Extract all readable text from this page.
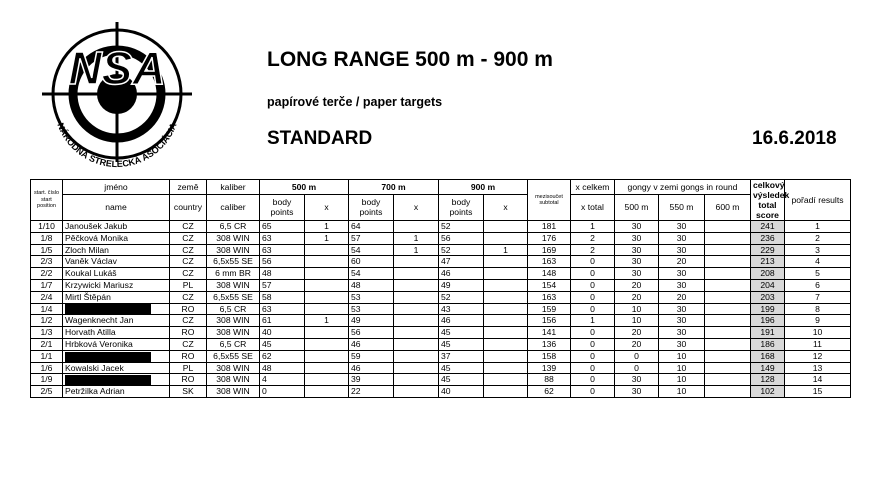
NSA
NÁRODNÁ STRELECKÁ ASOCIÁCIA
LONG RANGE 500 m - 900 m
papírové terče / paper targets
STANDARD	16.6.2018
start. číslo start position	jméno	země	kaliber	500 m		700 m		900 m		mezisoučet subtotal	x celkem	gongy v zemi gongs in round			celkový výsledek total score	pořadí results
	name	country	caliber	body points	x	body points	x	body points	x		x total	500 m	550 m	600 m		
1/10	Janoušek Jakub	CZ	6,5 CR	65	1	64		52		181	1	30	30		241	1
1/8	Pěčková Monika	CZ	308 WIN	63	1	57	1	56		176	2	30	30		236	2
1/5	Zloch Milan	CZ	308 WIN	63		54	1	52	1	169	2	30	30		229	3
2/3	Vaněk Václav	CZ	6,5x55 SE	56		60		47		163	0	30	20		213	4
2/2	Koukal Lukáš	CZ	6 mm BR	48		54		46		148	0	30	30		208	5
1/7	Krzywicki Mariusz	PL	308 WIN	57		48		49		154	0	20	30		204	6
2/4	Mirtl Štěpán	CZ	6,5x55 SE	58		53		52		163	0	20	20		203	7
1/4		RO	6,5 CR	63		53		43		159	0	10	30		199	8
1/2	Wagenknecht Jan	CZ	308 WIN	61	1	49		46		156	1	10	30		196	9
1/3	Horvath Atilla	RO	308 WIN	40		56		45		141	0	20	30		191	10
2/1	Hrbková Veronika	CZ	6,5 CR	45		46		45		136	0	20	30		186	11
1/1		RO	6,5x55 SE	62		59		37		158	0	0	10		168	12
1/6	Kowalski Jacek	PL	308 WIN	48		46		45		139	0	0	10		149	13
1/9		RO	308 WIN	4		39		45		88	0	30	10		128	14
2/5	Petržilka Adrian	SK	308 WIN	0		22		40		62	0	30	10		102	15
